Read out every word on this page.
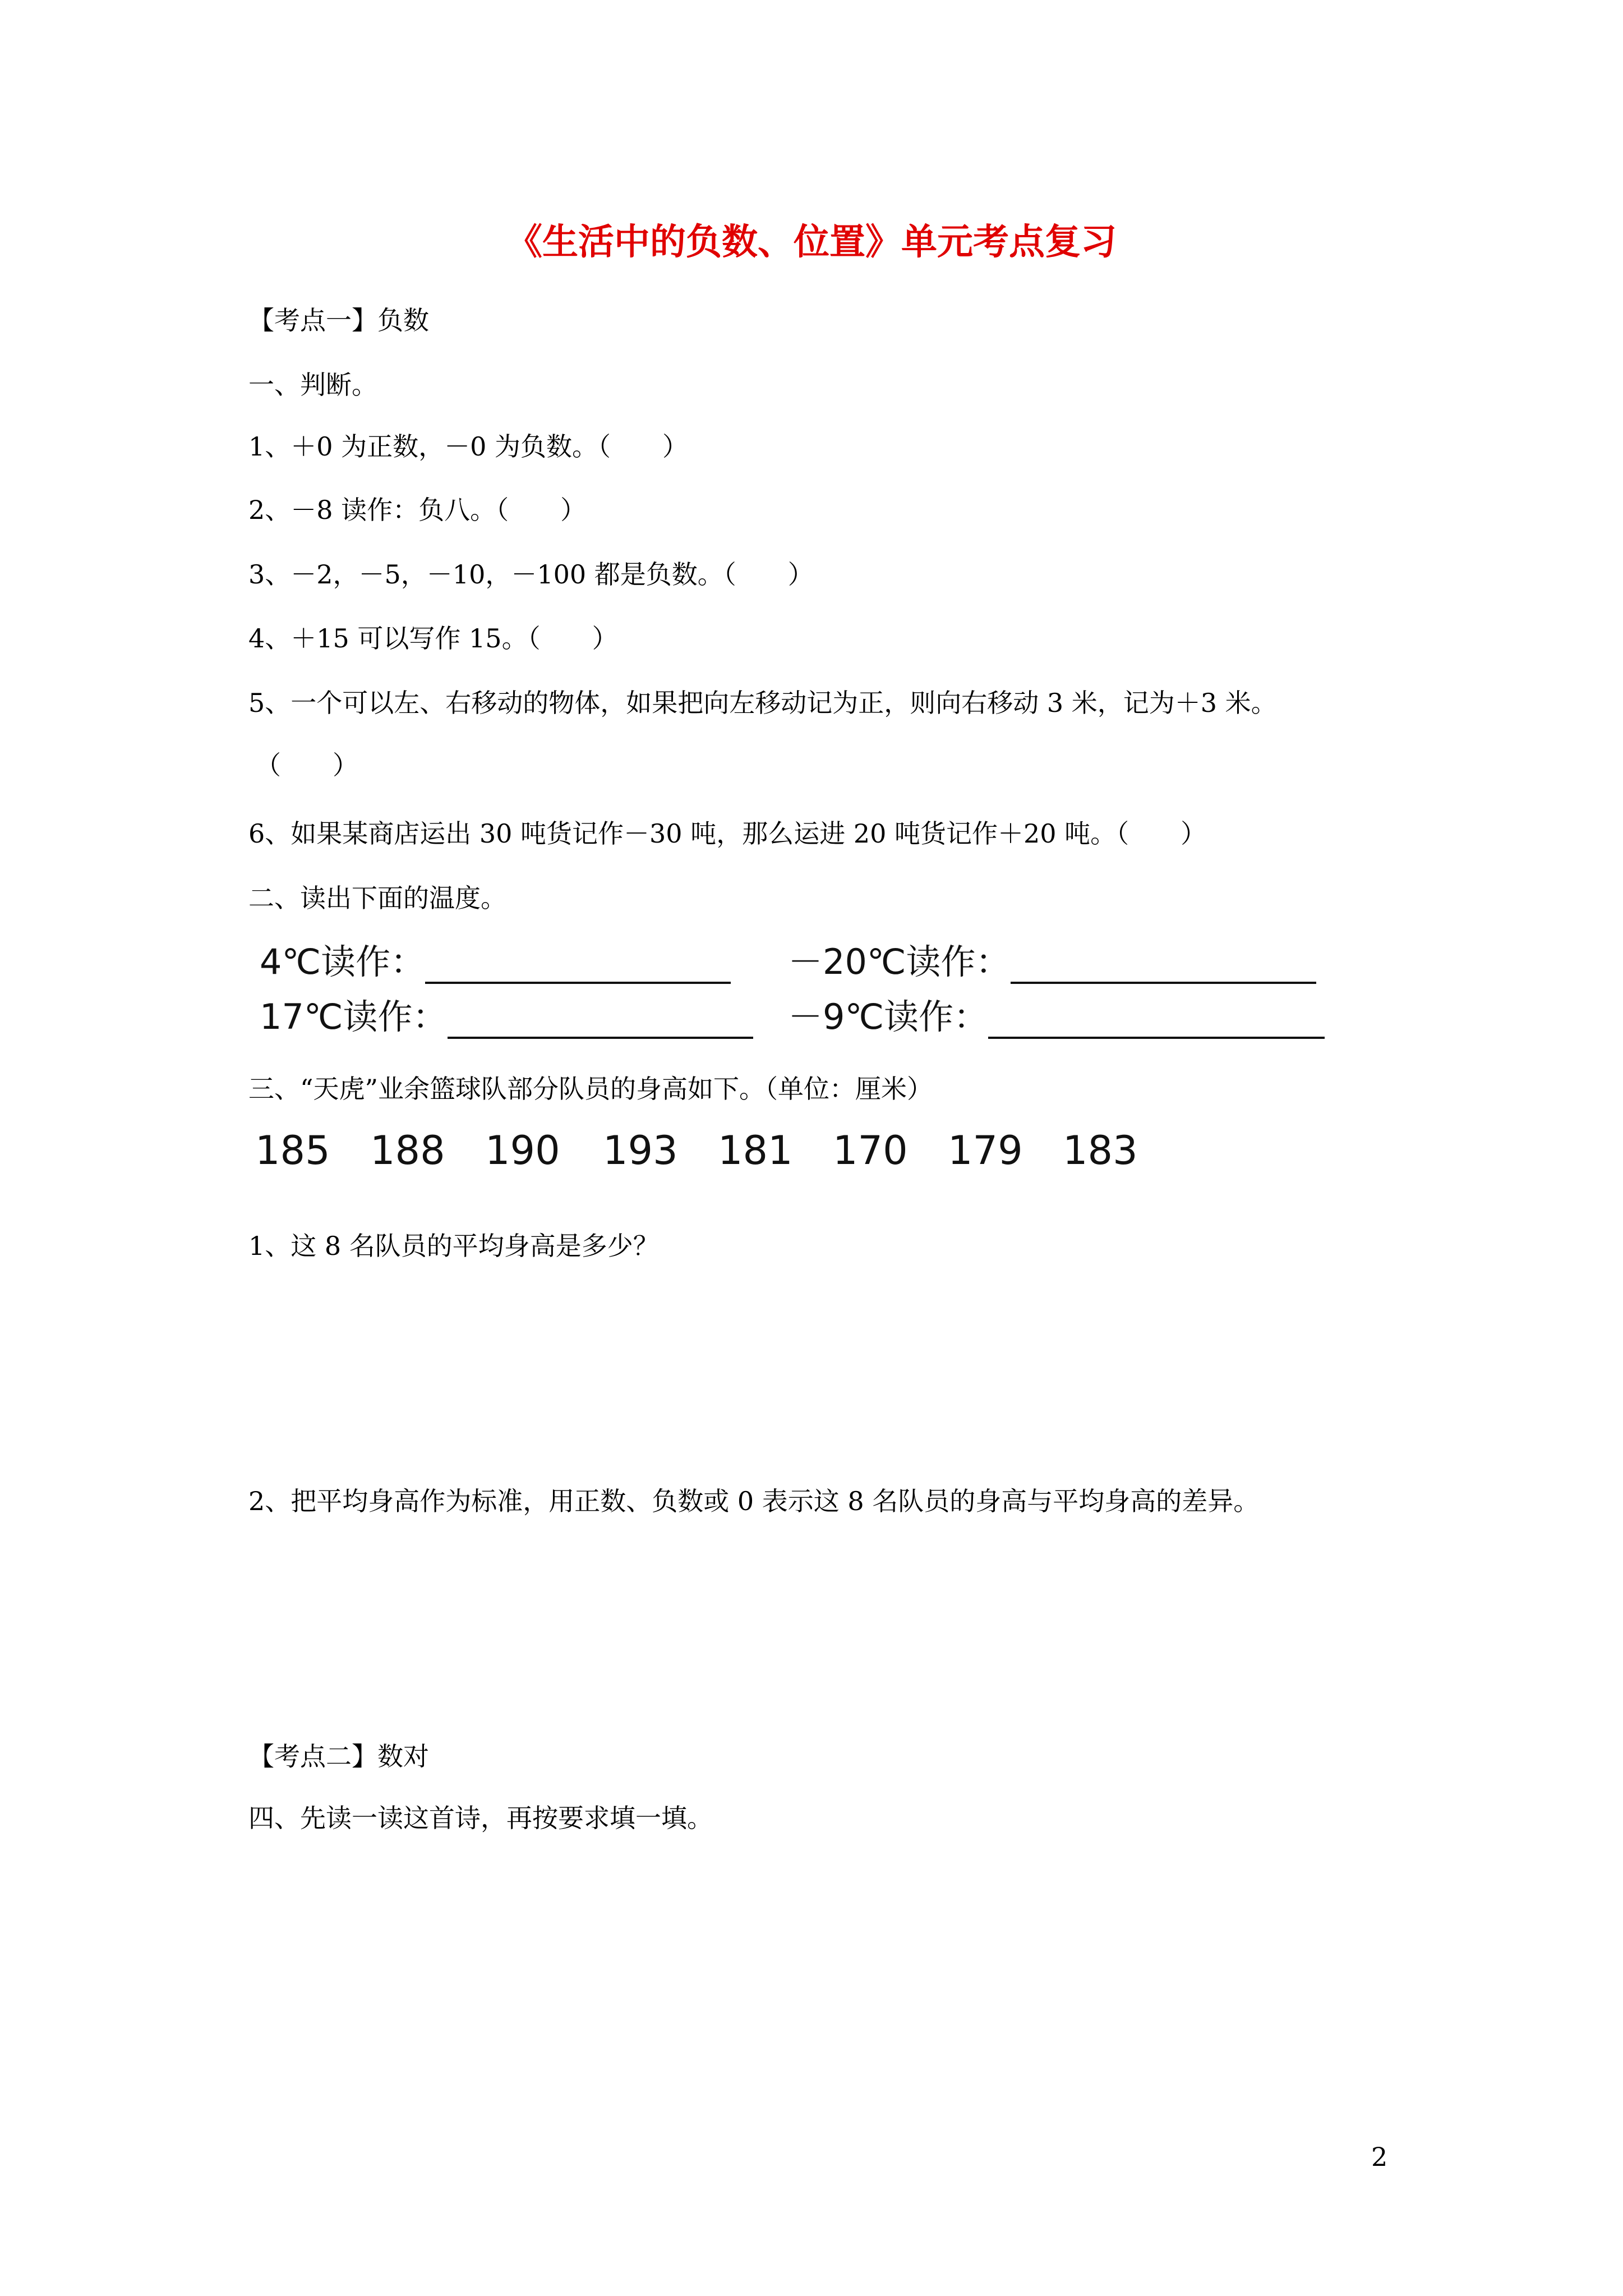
《生活中的负数、位置》单元考点复习
【考点一】负数
一、判断。
1、＋0 为正数，－0 为负数。（　　）
2、－8 读作：负八。（　　）
3、－2，－5，－10，－100 都是负数。（　　）
4、＋15 可以写作 15。（　　）
5、一个可以左、右移动的物体，如果把向左移动记为正，则向右移动 3 米，记为＋3 米。
（　　）
6、如果某商店运出 30 吨货记作－30 吨，那么运进 20 吨货记作＋20 吨。（　　）
二、读出下面的温度。
4℃读作：	－20℃读作：
17℃读作：	－9℃读作：
三、“天虎”业余篮球队部分队员的身高如下。（单位：厘米）
185 188 190 193 181 170 179 183
1、这 8 名队员的平均身高是多少？
2、把平均身高作为标准，用正数、负数或 0 表示这 8 名队员的身高与平均身高的差异。
【考点二】数对
四、先读一读这首诗，再按要求填一填。
2
